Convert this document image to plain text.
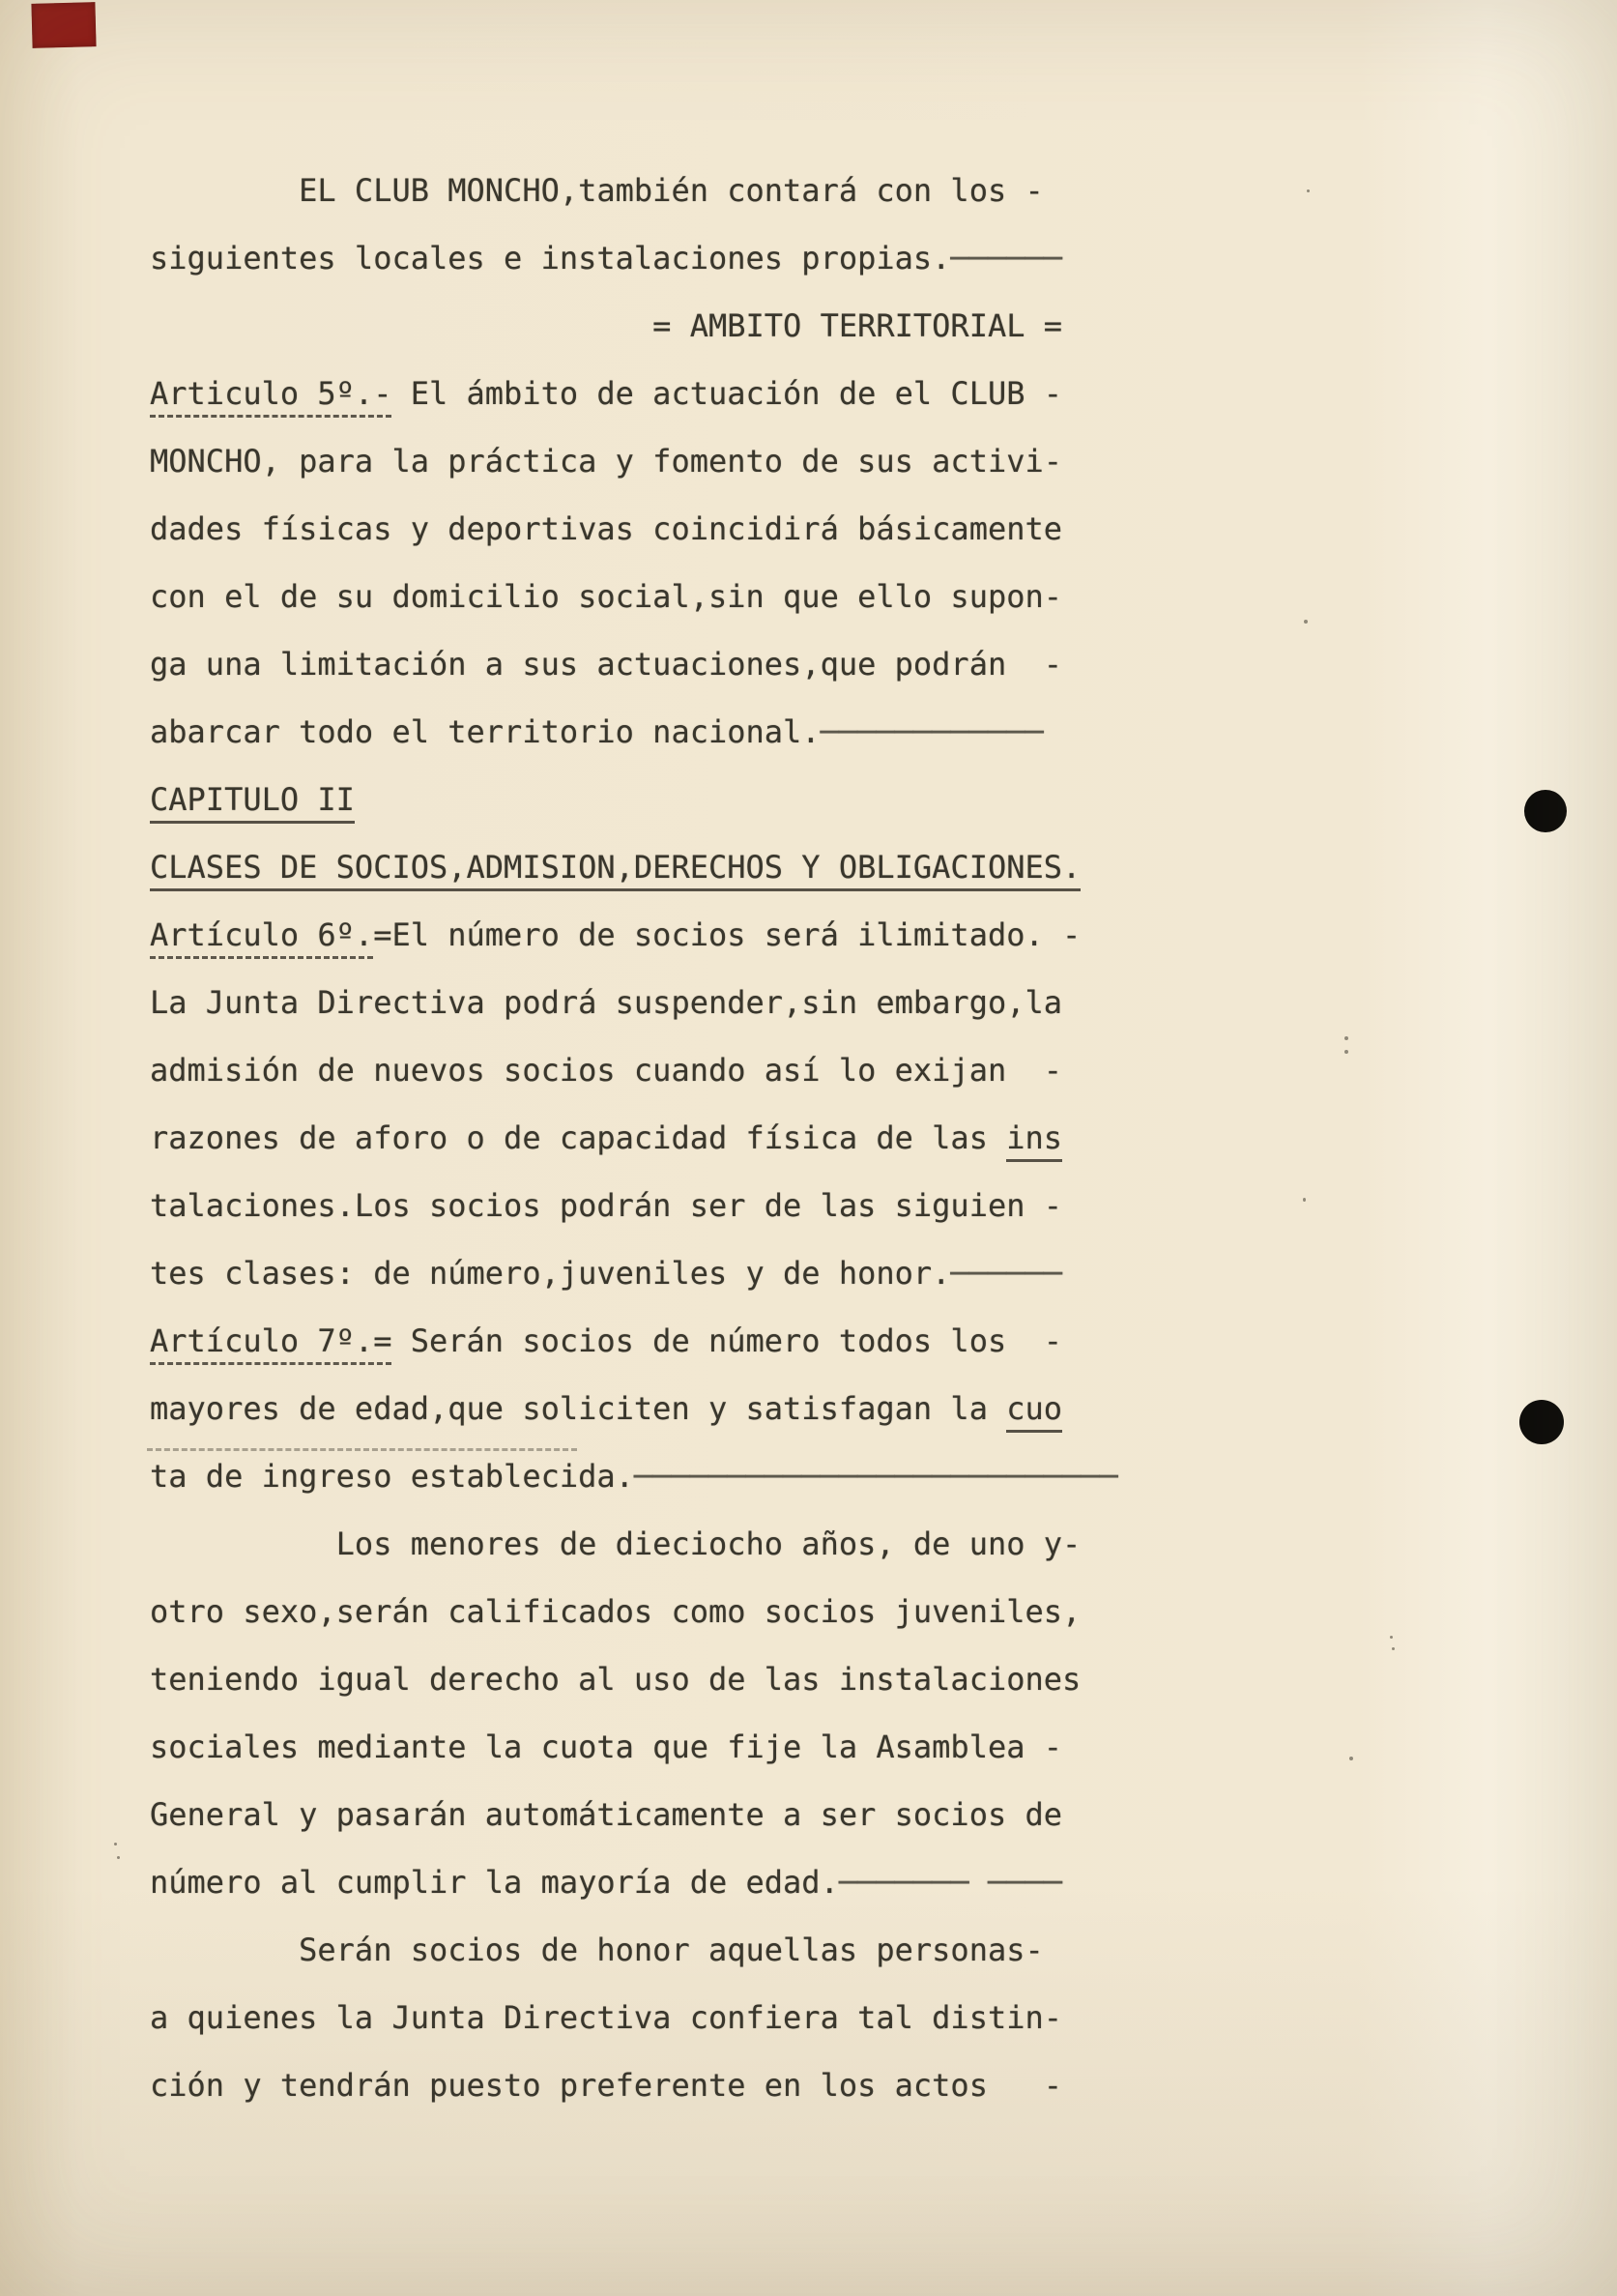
EL CLUB MONCHO,también contará con los -
siguientes locales e instalaciones propias.──────
= AMBITO TERRITORIAL =
Articulo 5º.- El ámbito de actuación de el CLUB -
MONCHO, para la práctica y fomento de sus activi-
dades físicas y deportivas coincidirá básicamente
con el de su domicilio social,sin que ello supon-
ga una limitación a sus actuaciones,que podrán  -
abarcar todo el territorio nacional.────────────
CAPITULO II
CLASES DE SOCIOS,ADMISION,DERECHOS Y OBLIGACIONES.
Artículo 6º.=El número de socios será ilimitado. -
La Junta Directiva podrá suspender,sin embargo,la
admisión de nuevos socios cuando así lo exijan  -
razones de aforo o de capacidad física de las ins
talaciones.Los socios podrán ser de las siguien -
tes clases: de número,juveniles y de honor.──────
Artículo 7º.= Serán socios de número todos los  -
mayores de edad,que soliciten y satisfagan la cuo
ta de ingreso establecida.──────────────────────────
Los menores de dieciocho años, de uno y-
otro sexo,serán calificados como socios juveniles,
teniendo igual derecho al uso de las instalaciones
sociales mediante la cuota que fije la Asamblea -
General y pasarán automáticamente a ser socios de
número al cumplir la mayoría de edad.─────── ────
Serán socios de honor aquellas personas-
a quienes la Junta Directiva confiera tal distin-
ción y tendrán puesto preferente en los actos   -
